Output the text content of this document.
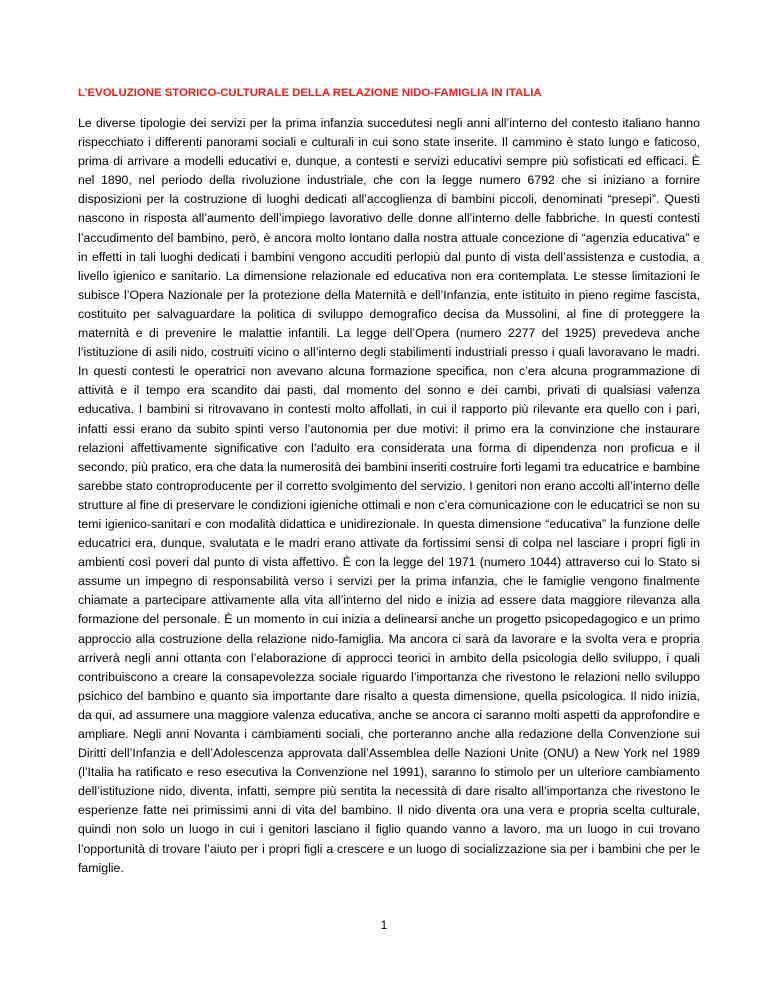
L’EVOLUZIONE STORICO-CULTURALE DELLA RELAZIONE NIDO-FAMIGLIA IN ITALIA

Le diverse tipologie dei servizi per la prima infanzia succedutesi negli anni all’interno del contesto italiano hanno rispecchiato i differenti panorami sociali e culturali in cui sono state inserite. Il cammino è stato lungo e faticoso, prima di arrivare a modelli educativi e, dunque, a contesti e servizi educativi sempre più sofisticati ed efficaci. È nel 1890, nel periodo della rivoluzione industriale, che con la legge numero 6792 che si iniziano a fornire disposizioni per la costruzione di luoghi dedicati all’accoglienza di bambini piccoli, denominati “presepi”. Questi nascono in risposta all’aumento dell’impiego lavorativo delle donne all’interno delle fabbriche. In questi contesti l’accudimento del bambino, però, è ancora molto lontano dalla nostra attuale concezione di “agenzia educativa” e in effetti in tali luoghi dedicati i bambini vengono accuditi perlopiù dal punto di vista dell’assistenza e custodia, a livello igienico e sanitario. La dimensione relazionale ed educativa non era contemplata. Le stesse limitazioni le subisce l’Opera Nazionale per la protezione della Maternità e dell’Infanzia, ente istituito in pieno regime fascista, costituito per salvaguardare la politica di sviluppo demografico decisa da Mussolini, al fine di proteggere la maternità e di prevenire le malattie infantili. La legge dell’Opera (numero 2277 del 1925) prevedeva anche l’istituzione di asili nido, costruiti vicino o all’interno degli stabilimenti industriali presso i quali lavoravano le madri. In questi contesti le operatrici non avevano alcuna formazione specifica, non c’era alcuna programmazione di attività e il tempo era scandito dai pasti, dal momento del sonno e dei cambi, privati di qualsiasi valenza educativa. I bambini si ritrovavano in contesti molto affollati, in cui il rapporto più rilevante era quello con i pari, infatti essi erano da subito spinti verso l’autonomia per due motivi: il primo era la convinzione che instaurare relazioni affettivamente significative con l’adulto era considerata una forma di dipendenza non proficua e il secondo, più pratico, era che data la numerosità dei bambini inseriti costruire forti legami tra educatrice e bambine sarebbe stato controproducente per il corretto svolgimento del servizio. I genitori non erano accolti all’interno delle strutture al fine di preservare le condizioni igieniche ottimali e non c’era comunicazione con le educatrici se non su temi igienico-sanitari e con modalità didattica e unidirezionale. In questa dimensione “educativa” la funzione delle educatrici era, dunque, svalutata e le madri erano attivate da fortissimi sensi di colpa nel lasciare i propri figli in ambienti così poveri dal punto di vista affettivo. È con la legge del 1971 (numero 1044) attraverso cui lo Stato si assume un impegno di responsabilità verso i servizi per la prima infanzia, che le famiglie vengono finalmente chiamate a partecipare attivamente alla vita all’interno del nido e inizia ad essere data maggiore rilevanza alla formazione del personale. È un momento in cui inizia a delinearsi anche un progetto psicopedagogico e un primo approccio alla costruzione della relazione nido-famiglia. Ma ancora ci sarà da lavorare e la svolta vera e propria arriverà negli anni ottanta con l’elaborazione di approcci teorici in ambito della psicologia dello sviluppo, i quali contribuiscono a creare la consapevolezza sociale riguardo l’importanza che rivestono le relazioni nello sviluppo psichico del bambino e quanto sia importante dare risalto a questa dimensione, quella psicologica. Il nido inizia, da qui, ad assumere una maggiore valenza educativa, anche se ancora ci saranno molti aspetti da approfondire e ampliare. Negli anni Novanta i cambiamenti sociali, che porteranno anche alla redazione della Convenzione sui Diritti dell’Infanzia e dell’Adolescenza approvata dall’Assemblea delle Nazioni Unite (ONU) a New York nel 1989 (l’Italia ha ratificato e reso esecutiva la Convenzione nel 1991), saranno lo stimolo per un ulteriore cambiamento dell’istituzione nido, diventa, infatti, sempre più sentita la necessità di dare risalto all’importanza che rivestono le esperienze fatte nei primissimi anni di vita del bambino. Il nido diventa ora una vera e propria scelta culturale, quindi non solo un luogo in cui i genitori lasciano il figlio quando vanno a lavoro, ma un luogo in cui trovano l’opportunità di trovare l’aiuto per i propri figli a crescere e un luogo di socializzazione sia per i bambini che per le famiglie.

1
